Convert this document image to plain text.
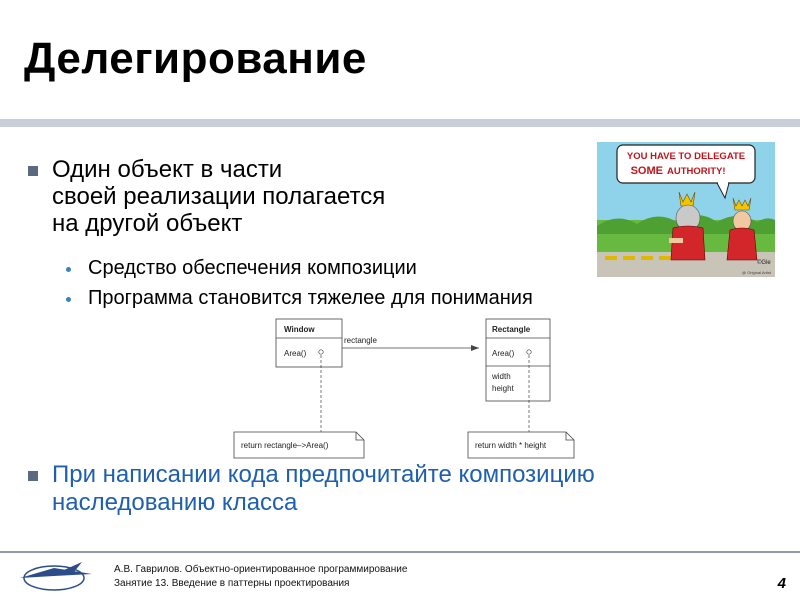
Делегирование
Один объект в части
своей реализации полагается
на другой объект
Средство обеспечения композиции
Программа становится тяжелее для понимания
YOU HAVE TO DELEGATE
SOME AUTHORITY!
©Gle
@ Original Artist
Window
Area()
rectangle
Rectangle
Area()
width
height
return rectangle–>Area()	return width * height
При написании кода предпочитайте композицию
наследованию класса
А.В. Гаврилов. Объектно-ориентированное программирование
Занятие 13. Введение в паттерны проектирования	4
